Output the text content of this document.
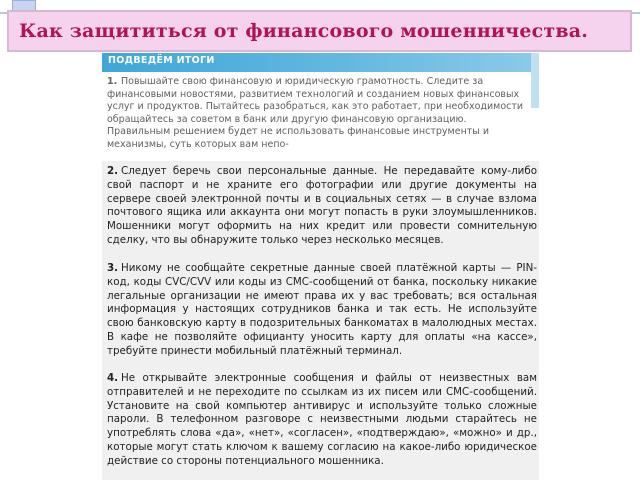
Как защититься от финансового мошенничества.
ПОДВЕДЁМ ИТОГИ
1. Повышайте свою финансовую и юридическую грамотность. Следите за финансовыми новостями, развитием технологий и созданием новых финансовых услуг и продуктов. Пытайтесь разобраться, как это работает, при необходимости обращайтесь за советом в банк или другую финансовую организацию. Правильным решением будет не использовать финансовые инструменты и механизмы, суть которых вам непо-
2. Следует беречь свои персональные данные. Не передавайте кому-либо свой паспорт и не храните его фотографии или другие документы на сервере своей электронной почты и в социальных сетях — в случае взлома почтового ящика или аккаунта они могут попасть в руки злоумышленников. Мошенники могут оформить на них кредит или провести сомнительную сделку, что вы обнаружите только через несколько месяцев.
3. Никому не сообщайте секретные данные своей платёжной карты — PIN-код, коды CVC/CVV или коды из СМС-сообщений от банка, поскольку никакие легальные организации не имеют права их у вас требовать; вся остальная информация у настоящих сотрудников банка и так есть. Не используйте свою банковскую карту в подозрительных банкоматах в малолюдных местах. В кафе не позволяйте официанту уносить карту для оплаты «на кассе», требуйте принести мобильный платёжный терминал.
4. Не открывайте электронные сообщения и файлы от неизвестных вам отправителей и не переходите по ссылкам из их писем или СМС-сообщений. Установите на свой компьютер антивирус и используйте только сложные пароли. В телефонном разговоре с неизвестными людьми старайтесь не употреблять слова «да», «нет», «согласен», «подтверждаю», «можно» и др., которые могут стать ключом к вашему согласию на какое-либо юридическое действие со стороны потенциального мошенника.
